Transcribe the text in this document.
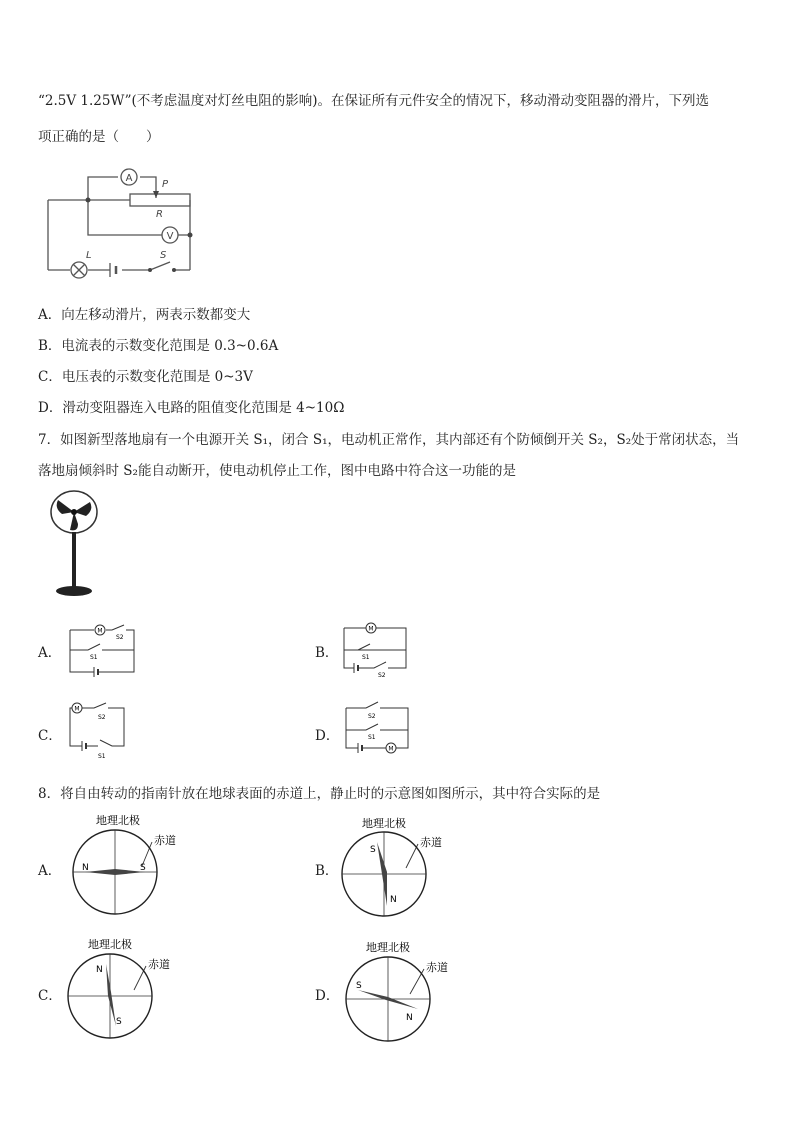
“2.5V 1.25W”(不考虑温度对灯丝电阻的影响)。在保证所有元件安全的情况下，移动滑动变阻器的滑片，下列选
项正确的是（　　）
A
V
P
R
L	S
A．向左移动滑片，两表示数都变大
B．电流表的示数变化范围是 0.3~0.6A
C．电压表的示数变化范围是 0~3V
D．滑动变阻器连入电路的阻值变化范围是 4~10Ω
7．如图新型落地扇有一个电源开关 S₁，闭合 S₁，电动机正常作，其内部还有个防倾倒开关 S₂，S₂处于常闭状态，当
落地扇倾斜时 S₂能自动断开，使电动机停止工作，图中电路中符合这一功能的是
A．	B．
C．	D．
M
S2
S1
M
S1
S2
M
S2
S1
M
S2
S1
8．将自由转动的指南针放在地球表面的赤道上，静止时的示意图如图所示，其中符合实际的是
A．	B．
C．	D．
地理北极
赤道
N	S
地理北极
赤道
S
N
地理北极
赤道
N
S
地理北极
赤道
S
N
